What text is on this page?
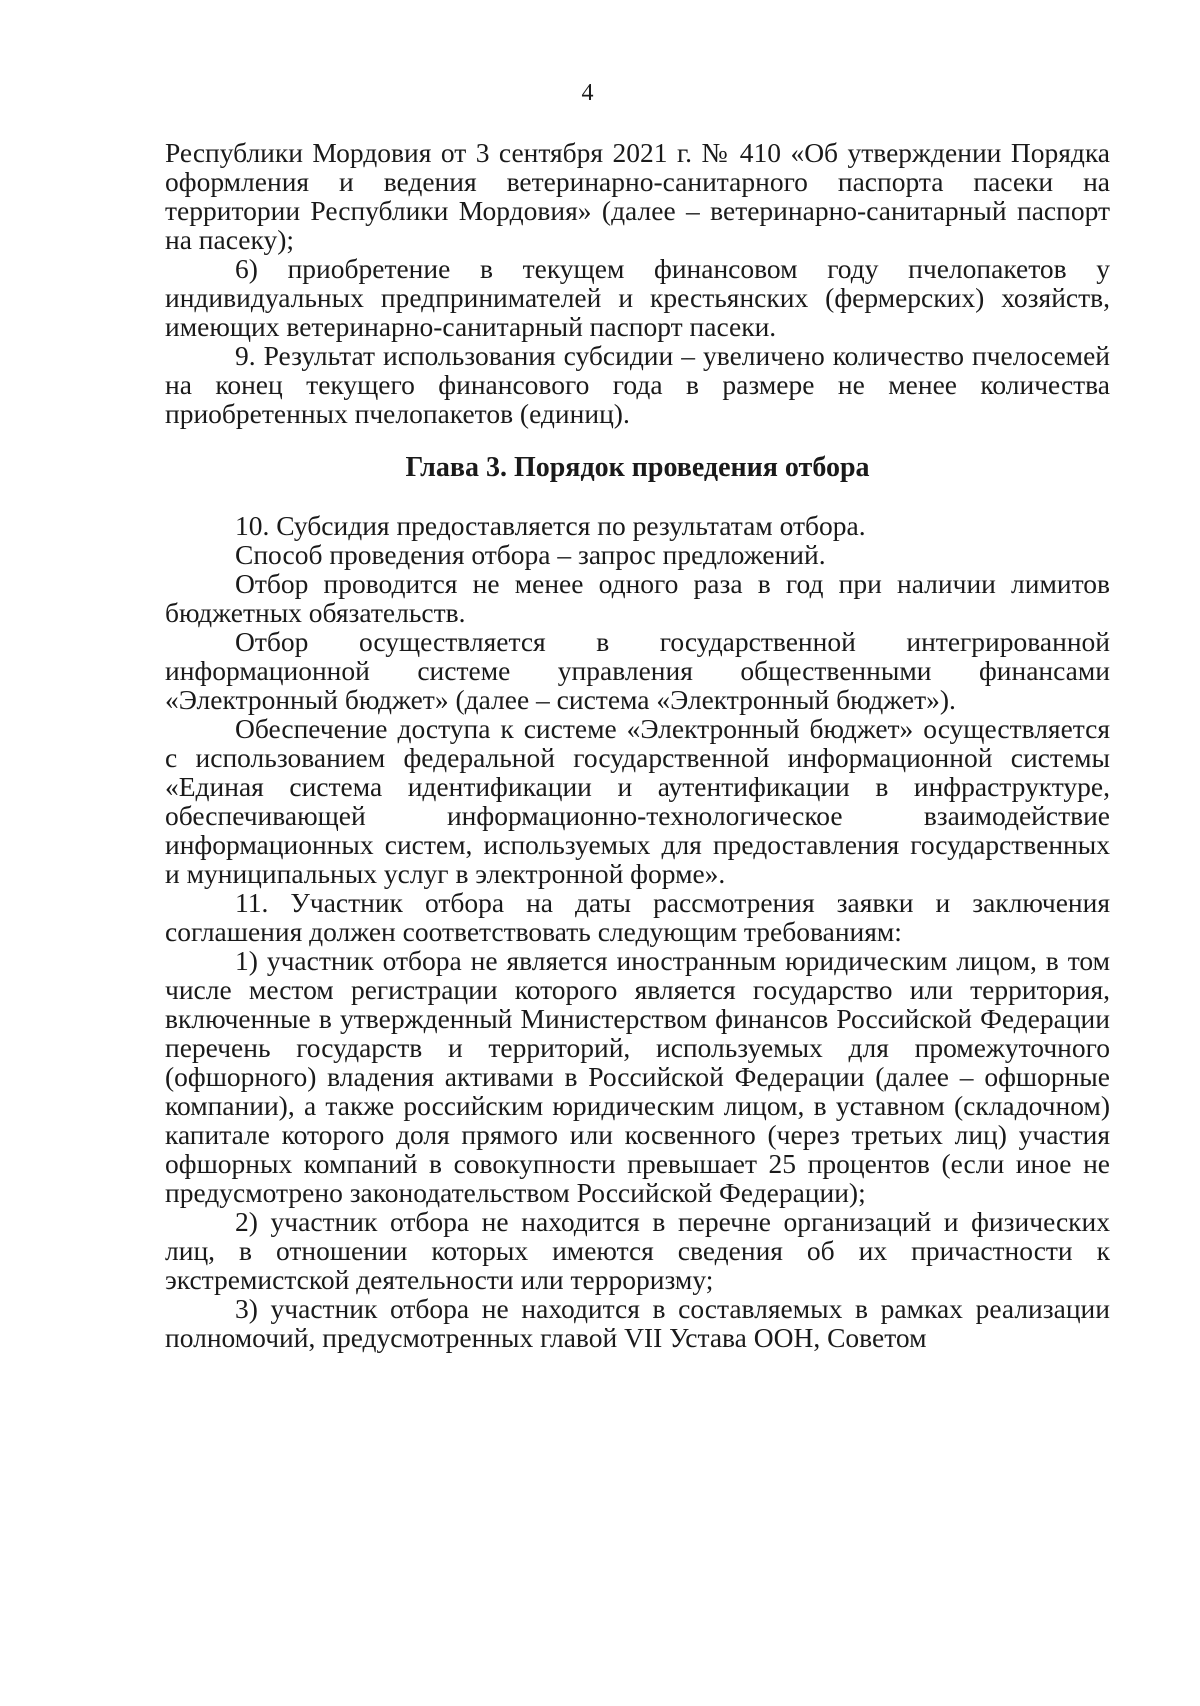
4

Республики Мордовия от 3 сентября 2021 г. № 410 «Об утверждении Порядка оформления и ведения ветеринарно-санитарного паспорта пасеки на территории Республики Мордовия» (далее – ветеринарно-санитарный паспорт на пасеку);

6) приобретение в текущем финансовом году пчелопакетов у индивидуальных предпринимателей и крестьянских (фермерских) хозяйств, имеющих ветеринарно-санитарный паспорт пасеки.

9. Результат использования субсидии – увеличено количество пчелосемей на конец текущего финансового года в размере не менее количества приобретенных пчелопакетов (единиц).

Глава 3. Порядок проведения отбора

10. Субсидия предоставляется по результатам отбора.

Способ проведения отбора – запрос предложений.

Отбор проводится не менее одного раза в год при наличии лимитов бюджетных обязательств.

Отбор осуществляется в государственной интегрированной информационной системе управления общественными финансами «Электронный бюджет» (далее – система «Электронный бюджет»).

Обеспечение доступа к системе «Электронный бюджет» осуществляется с использованием федеральной государственной информационной системы «Единая система идентификации и аутентификации в инфраструктуре, обеспечивающей информационно-технологическое взаимодействие информационных систем, используемых для предоставления государственных и муниципальных услуг в электронной форме».

11. Участник отбора на даты рассмотрения заявки и заключения соглашения должен соответствовать следующим требованиям:

1) участник отбора не является иностранным юридическим лицом, в том числе местом регистрации которого является государство или территория, включенные в утвержденный Министерством финансов Российской Федерации перечень государств и территорий, используемых для промежуточного (офшорного) владения активами в Российской Федерации (далее – офшорные компании), а также российским юридическим лицом, в уставном (складочном) капитале которого доля прямого или косвенного (через третьих лиц) участия офшорных компаний в совокупности превышает 25 процентов (если иное не предусмотрено законодательством Российской Федерации);

2) участник отбора не находится в перечне организаций и физических лиц, в отношении которых имеются сведения об их причастности к экстремистской деятельности или терроризму;

3) участник отбора не находится в составляемых в рамках реализации полномочий, предусмотренных главой VII Устава ООН, Советом
